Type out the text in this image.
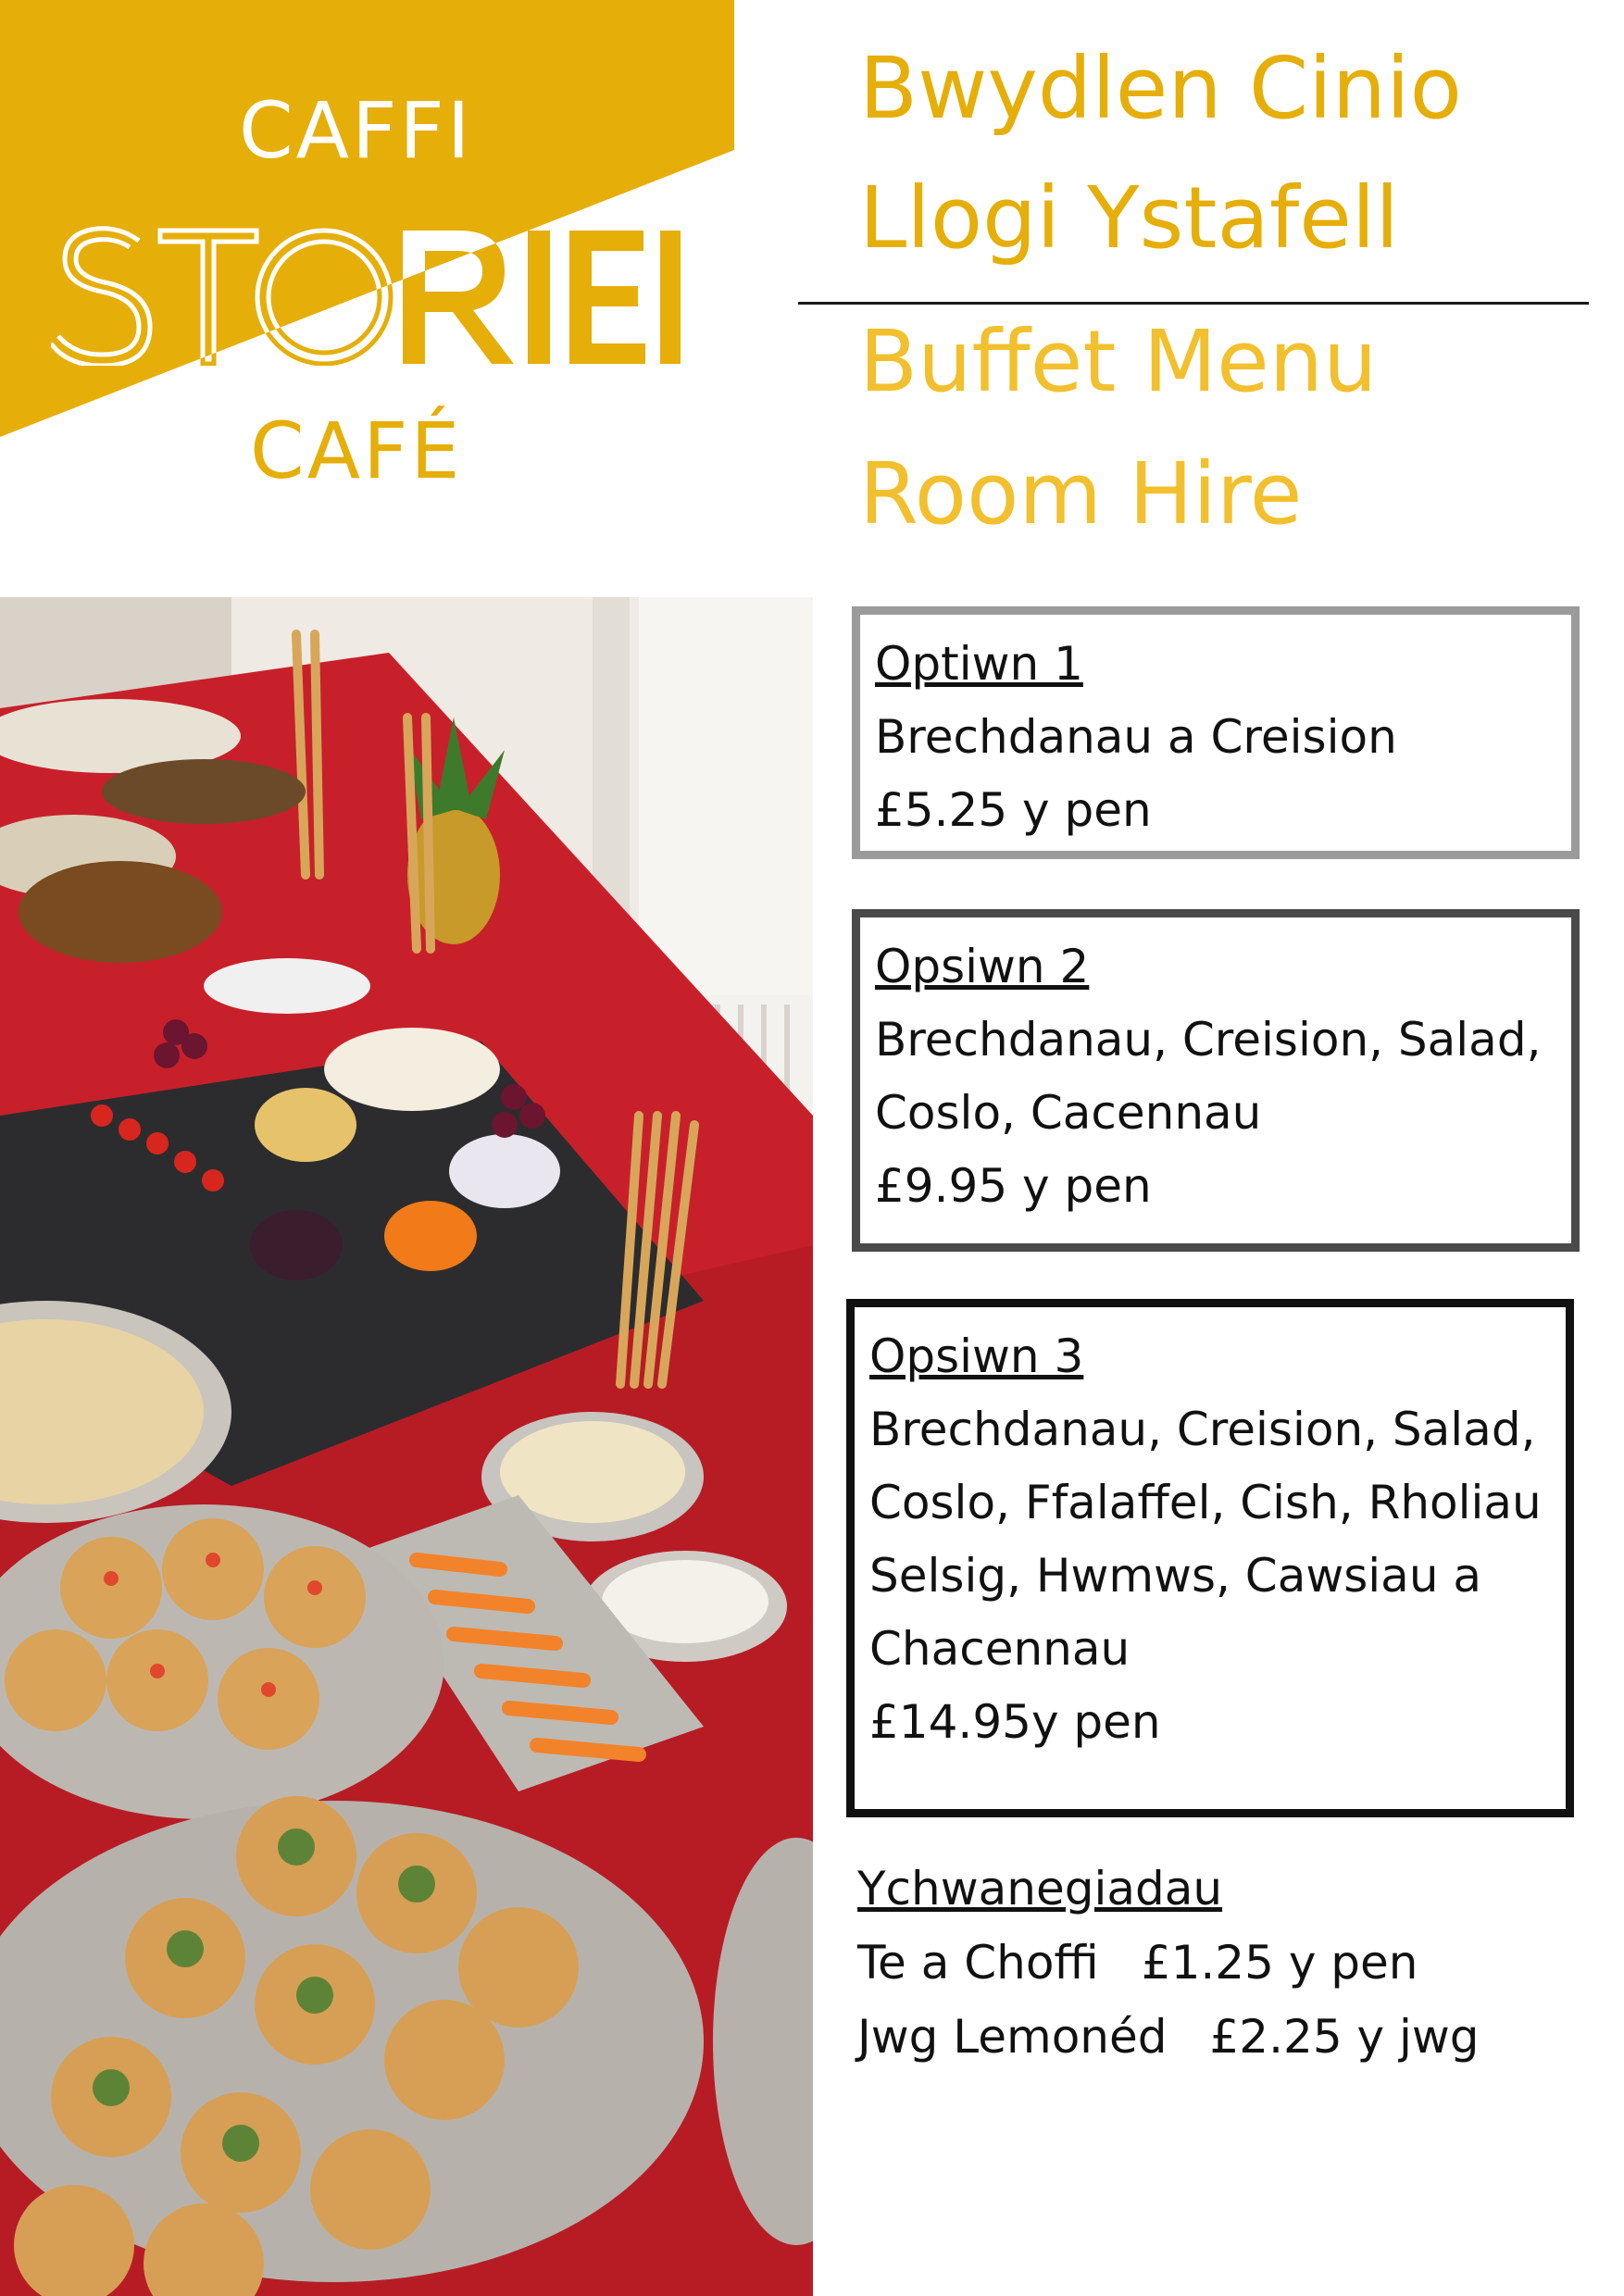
CAFFI
CAFÉ
Bwydlen Cinio
Llogi Ystafell
Buffet Menu
Room Hire
Optiwn 1
Brechdanau a Creision
£5.25 y pen
Opsiwn 2
Brechdanau, Creision, Salad,
Coslo, Cacennau
£9.95 y pen
Opsiwn 3
Brechdanau, Creision, Salad,
Coslo, Ffalaffel, Cish, Rholiau
Selsig, Hwmws, Cawsiau a
Chacennau
£14.95y pen
Ychwanegiadau
Te a Choffi £1.25 y pen
Jwg Lemonéd £2.25 y jwg
